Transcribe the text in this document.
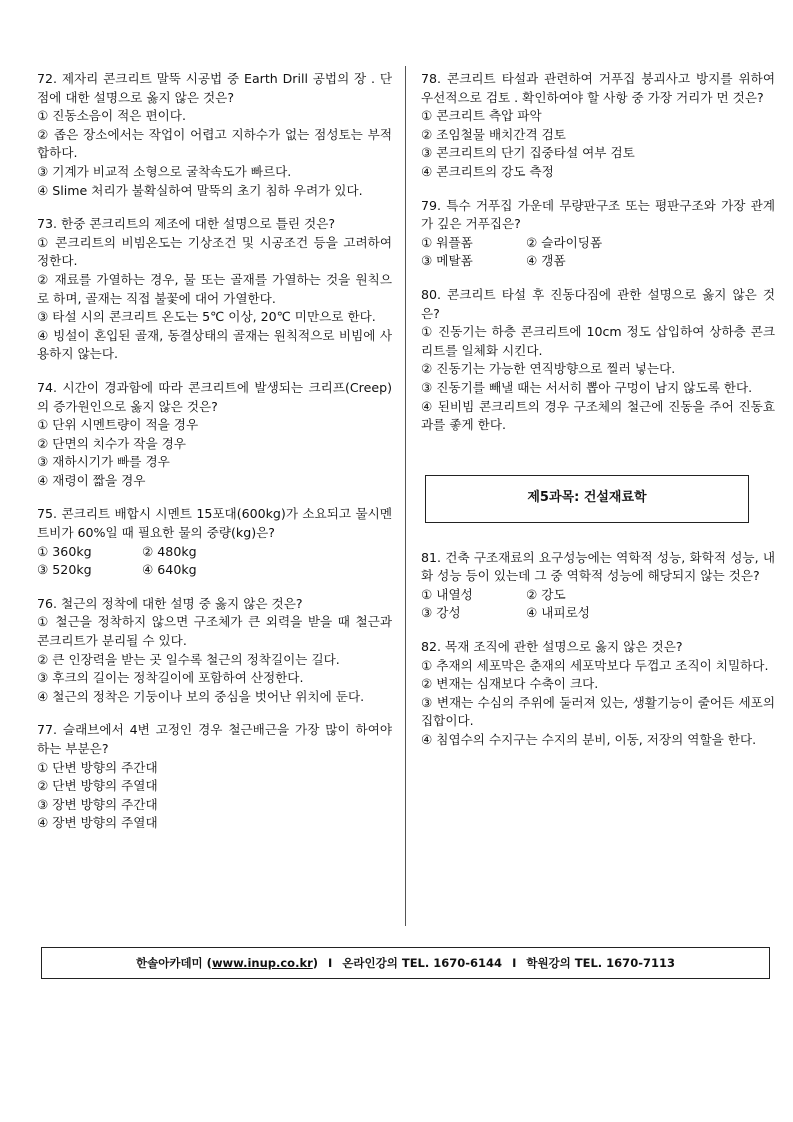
72. 제자리 콘크리트 말뚝 시공법 중 Earth Drill 공법의 장 . 단점에 대한 설명으로 옳지 않은 것은?

① 진동소음이 적은 편이다.

② 좁은 장소에서는 작업이 어렵고 지하수가 없는 점성토는 부적합하다.

③ 기계가 비교적 소형으로 굴착속도가 빠르다.

④ Slime 처리가 불확실하여 말뚝의 초기 침하 우려가 있다.

73. 한중 콘크리트의 제조에 대한 설명으로 틀린 것은?

① 콘크리트의 비빔온도는 기상조건 및 시공조건 등을 고려하여 정한다.

② 재료를 가열하는 경우, 물 또는 골재를 가열하는 것을 원칙으로 하며, 골재는 직접 불꽃에 대어 가열한다.

③ 타설 시의 콘크리트 온도는 5℃ 이상, 20℃ 미만으로 한다.

④ 빙설이 혼입된 골재, 동결상태의 골재는 원칙적으로 비빔에 사용하지 않는다.

74. 시간이 경과함에 따라 콘크리트에 발생되는 크리프(Creep)의 증가원인으로 옳지 않은 것은?

① 단위 시멘트량이 적을 경우

② 단면의 치수가 작을 경우

③ 재하시기가 빠를 경우

④ 재령이 짧을 경우

75. 콘크리트 배합시 시멘트 15포대(600kg)가 소요되고 물시멘트비가 60%일 때 필요한 물의 중량(kg)은?

① 360kg	② 480kg
③ 520kg	④ 640kg

76. 철근의 정착에 대한 설명 중 옳지 않은 것은?

① 철근을 정착하지 않으면 구조체가 큰 외력을 받을 때 철근과 콘크리트가 분리될 수 있다.

② 큰 인장력을 받는 곳 일수록 철근의 정착길이는 길다.

③ 후크의 길이는 정착길이에 포함하여 산정한다.

④ 철근의 정착은 기둥이나 보의 중심을 벗어난 위치에 둔다.

77. 슬래브에서 4변 고정인 경우 철근배근을 가장 많이 하여야 하는 부분은?

① 단변 방향의 주간대

② 단변 방향의 주열대

③ 장변 방향의 주간대

④ 장변 방향의 주열대

78. 콘크리트 타설과 관련하여 거푸집 붕괴사고 방지를 위하여 우선적으로 검토 . 확인하여야 할 사항 중 가장 거리가 먼 것은?

① 콘크리트 측압 파악

② 조임철물 배치간격 검토

③ 콘크리트의 단기 집중타설 여부 검토

④ 콘크리트의 강도 측정

79. 특수 거푸집 가운데 무량판구조 또는 평판구조와 가장 관계가 깊은 거푸집은?

① 워플폼	② 슬라이딩폼
③ 메탈폼	④ 갱폼

80. 콘크리트 타설 후 진동다짐에 관한 설명으로 옳지 않은 것은?

① 진동기는 하층 콘크리트에 10cm 정도 삽입하여 상하층 콘크리트를 일체화 시킨다.

② 진동기는 가능한 연직방향으로 찔러 넣는다.

③ 진동기를 빼낼 때는 서서히 뽑아 구멍이 남지 않도록 한다.

④ 된비빔 콘크리트의 경우 구조체의 철근에 진동을 주어 진동효과를 좋게 한다.

제5과목: 건설재료학

81. 건축 구조재료의 요구성능에는 역학적 성능, 화학적 성능, 내화 성능 등이 있는데 그 중 역학적 성능에 해당되지 않는 것은?

① 내열성	② 강도
③ 강성	④ 내피로성

82. 목재 조직에 관한 설명으로 옳지 않은 것은?

① 추재의 세포막은 춘재의 세포막보다 두껍고 조직이 치밀하다.

② 변재는 심재보다 수축이 크다.

③ 변재는 수심의 주위에 둘러져 있는, 생활기능이 줄어든 세포의 집합이다.

④ 침엽수의 수지구는 수지의 분비, 이동, 저장의 역할을 한다.

한솔아카데미 ( www.inup.co.kr ) I 온라인강의 TEL. 1670-6144 I 학원강의 TEL. 1670-7113
